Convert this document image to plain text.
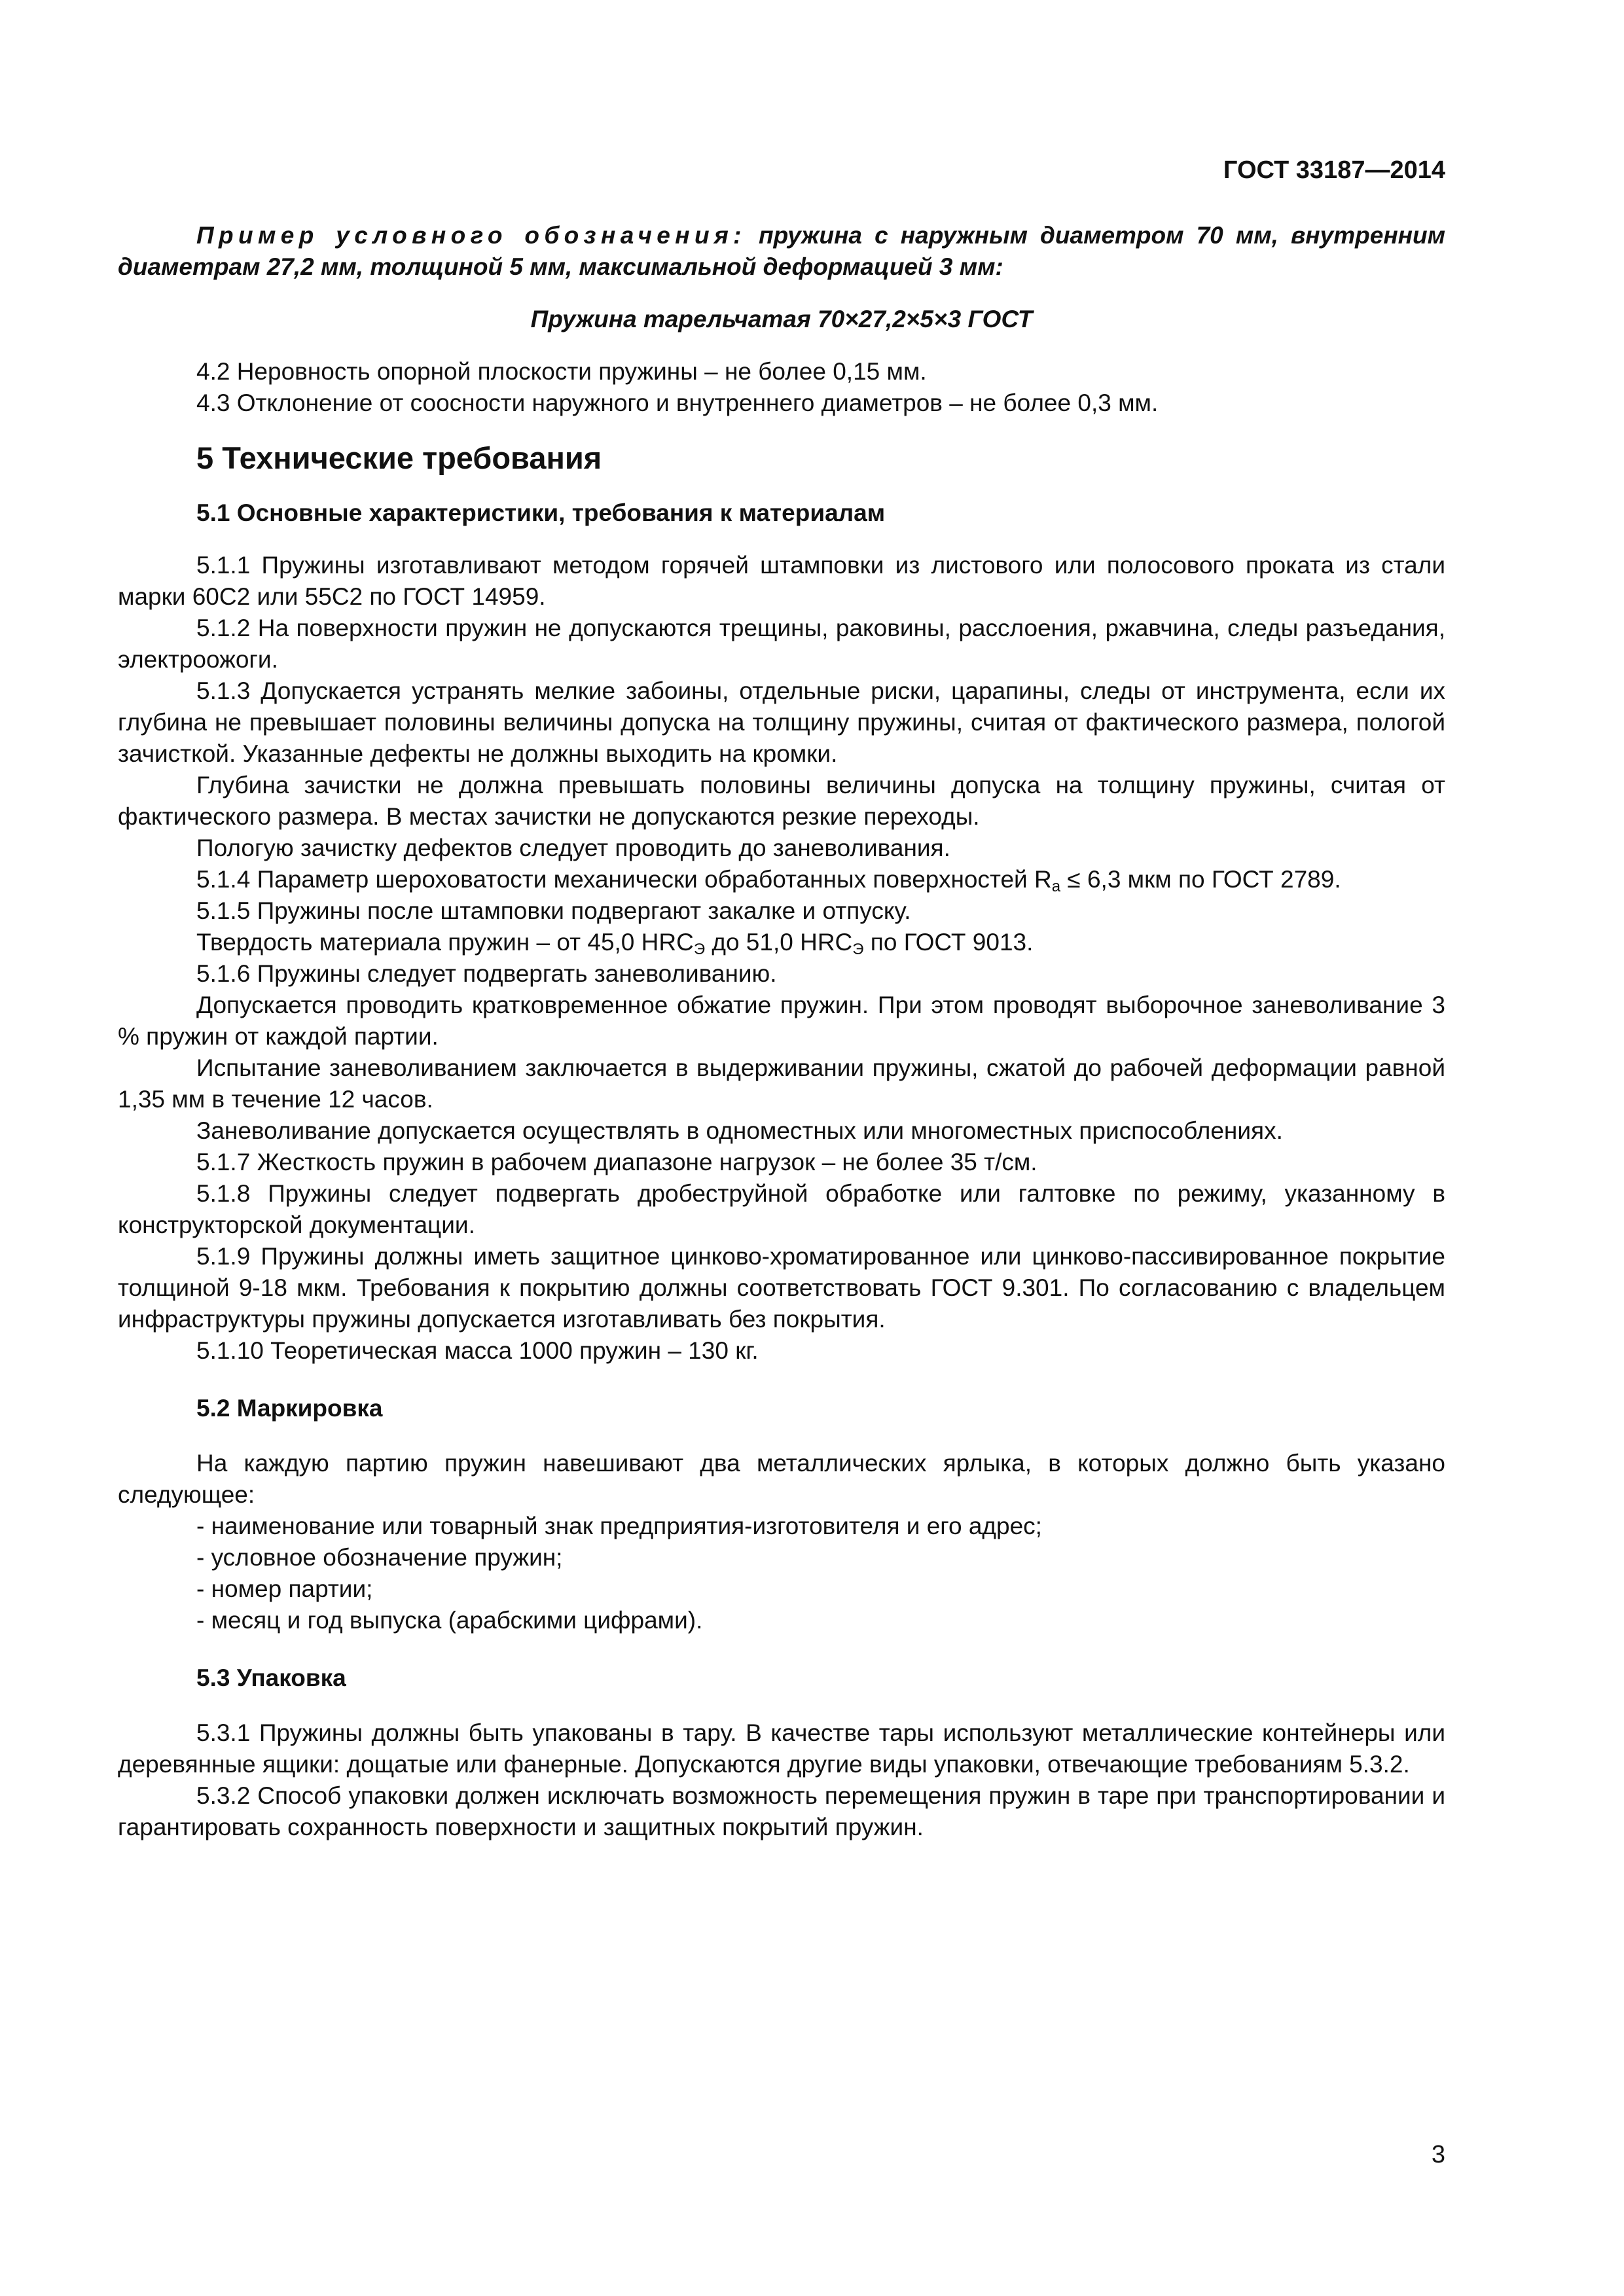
ГОСТ 33187—2014

Пример условного обозначения: пружина с наружным диаметром 70 мм, внутренним диаметрам 27,2 мм, толщиной 5 мм, максимальной деформацией 3 мм:

Пружина тарельчатая 70×27,2×5×3 ГОСТ

4.2 Неровность опорной плоскости пружины – не более 0,15 мм.

4.3 Отклонение от соосности наружного и внутреннего диаметров – не более 0,3 мм.

5 Технические требования
5.1 Основные характеристики, требования к материалам

5.1.1 Пружины изготавливают методом горячей штамповки из листового или полосового проката из стали марки 60С2 или 55С2 по ГОСТ 14959.

5.1.2 На поверхности пружин не допускаются трещины, раковины, расслоения, ржавчина, следы разъедания, электроожоги.

5.1.3 Допускается устранять мелкие забоины, отдельные риски, царапины, следы от инструмента, если их глубина не превышает половины величины допуска на толщину пружины, считая от фактического размера, пологой зачисткой. Указанные дефекты не должны выходить на кромки.

Глубина зачистки не должна превышать половины величины допуска на толщину пружины, считая от фактического размера. В местах зачистки не допускаются резкие переходы.

Пологую зачистку дефектов следует проводить до заневоливания.

5.1.4 Параметр шероховатости механически обработанных поверхностей $R_a \le 6,3$ мкм по ГОСТ 2789.

5.1.5 Пружины после штамповки подвергают закалке и отпуску.

Твердость материала пружин – от 45,0 $HRC_Э$ до 51,0 $HRC_Э$ по ГОСТ 9013.

5.1.6 Пружины следует подвергать заневоливанию.

Допускается проводить кратковременное обжатие пружин. При этом проводят выборочное заневоливание 3 % пружин от каждой партии.

Испытание заневоливанием заключается в выдерживании пружины, сжатой до рабочей деформации равной 1,35 мм в течение 12 часов.

Заневоливание допускается осуществлять в одноместных или многоместных приспособлениях.

5.1.7 Жесткость пружин в рабочем диапазоне нагрузок – не более 35 т/см.

5.1.8 Пружины следует подвергать дробеструйной обработке или галтовке по режиму, указанному в конструкторской документации.

5.1.9 Пружины должны иметь защитное цинково-хроматированное или цинково-пассивированное покрытие толщиной 9-18 мкм. Требования к покрытию должны соответствовать ГОСТ 9.301. По согласованию с владельцем инфраструктуры пружины допускается изготавливать без покрытия.

5.1.10 Теоретическая масса 1000 пружин – 130 кг.

5.2 Маркировка

На каждую партию пружин навешивают два металлических ярлыка, в которых должно быть указано следующее:

- наименование или товарный знак предприятия-изготовителя и его адрес;
- условное обозначение пружин;
- номер партии;
- месяц и год выпуска (арабскими цифрами).
5.3 Упаковка

5.3.1 Пружины должны быть упакованы в тару. В качестве тары используют металлические контейнеры или деревянные ящики: дощатые или фанерные. Допускаются другие виды упаковки, отвечающие требованиям 5.3.2.

5.3.2 Способ упаковки должен исключать возможность перемещения пружин в таре при транспортировании и гарантировать сохранность поверхности и защитных покрытий пружин.

3
